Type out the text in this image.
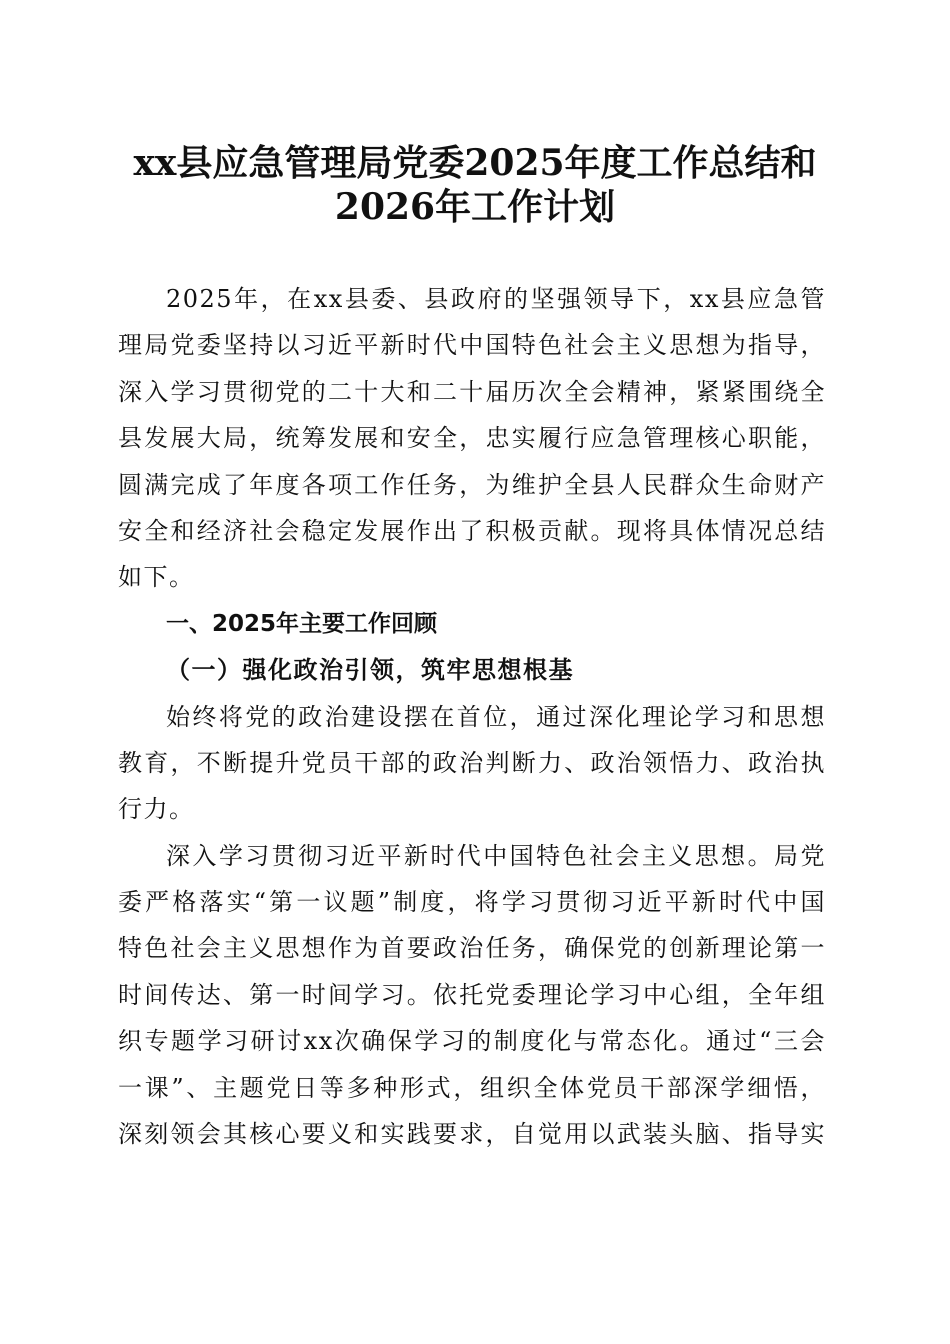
xx县应急管理局党委2025年度工作总结和
2026年工作计划
2025年，在xx县委、县政府的坚强领导下，xx县应急管
理局党委坚持以习近平新时代中国特色社会主义思想为指导，
深入学习贯彻党的二十大和二十届历次全会精神，紧紧围绕全
县发展大局，统筹发展和安全，忠实履行应急管理核心职能，
圆满完成了年度各项工作任务，为维护全县人民群众生命财产
安全和经济社会稳定发展作出了积极贡献。现将具体情况总结
如下。
一、2025年主要工作回顾
（一）强化政治引领，筑牢思想根基
始终将党的政治建设摆在首位，通过深化理论学习和思想
教育，不断提升党员干部的政治判断力、政治领悟力、政治执
行力。
深入学习贯彻习近平新时代中国特色社会主义思想。局党
委严格落实“第一议题”制度，将学习贯彻习近平新时代中国
特色社会主义思想作为首要政治任务，确保党的创新理论第一
时间传达、第一时间学习。依托党委理论学习中心组，全年组
织专题学习研讨xx次确保学习的制度化与常态化。通过“三会
一课”、主题党日等多种形式，组织全体党员干部深学细悟，
深刻领会其核心要义和实践要求，自觉用以武装头脑、指导实
